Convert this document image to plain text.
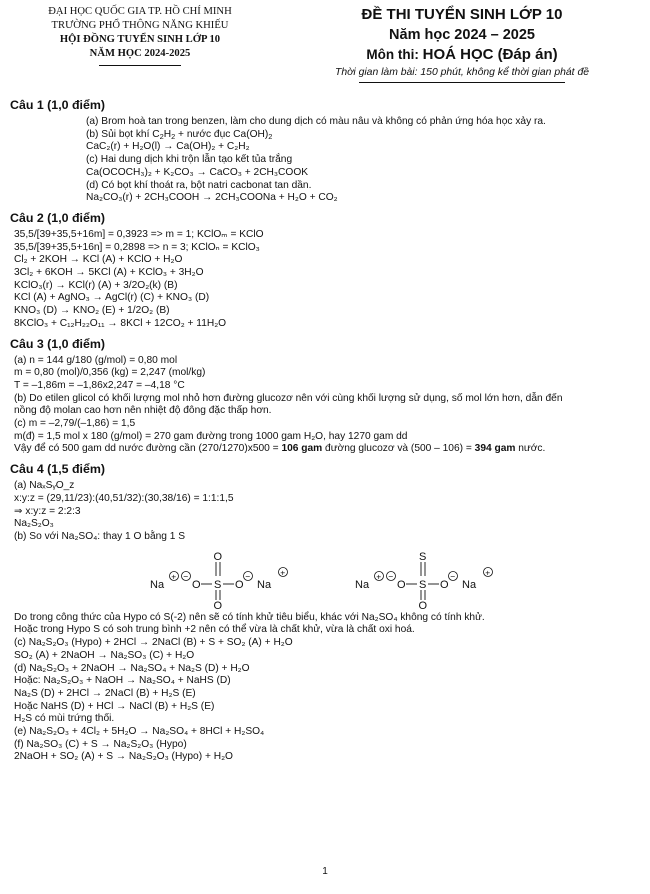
ĐẠI HỌC QUỐC GIA TP. HỒ CHÍ MINH
TRƯỜNG PHỔ THÔNG NĂNG KHIẾU
HỘI ĐỒNG TUYỂN SINH LỚP 10
NĂM HỌC 2024-2025
ĐỀ THI TUYỂN SINH LỚP 10
Năm học 2024 – 2025
Môn thi: HOÁ HỌC (Đáp án)
Thời gian làm bài: 150 phút, không kể thời gian phát đề
Câu 1 (1,0 điểm)
(a) Brom hoà tan trong benzen, làm cho dung dịch có màu nâu và không có phản ứng hóa học xảy ra.
(b) Sủi bọt khí $C_2H_2$ + nước đục $Ca(OH)_2$
CaC₂(r) + H₂O(l) → Ca(OH)₂ + C₂H₂
(c) Hai dung dịch khi trộn lẫn tạo kết tủa trắng
Ca(OCOCH₃)₂ + K₂CO₃ → CaCO₃ + 2CH₃COOK
(d) Có bọt khí thoát ra, bột natri cacbonat tan dần.
Na₂CO₃(r) + 2CH₃COOH → 2CH₃COONa + H₂O + CO₂
Câu 2 (1,0 điểm)
35,5/[39+35,5+16m] = 0,3923 => m = 1; KClOₘ = KClO
35,5/[39+35,5+16n] = 0,2898 => n = 3; KClOₙ = KClO₃
Cl₂ + 2KOH → KCl (A) + KClO + H₂O
3Cl₂ + 6KOH → 5KCl (A) + KClO₃ + 3H₂O
KClO₃(r) → KCl(r) (A) + 3/2O₂(k) (B)
KCl (A) + AgNO₃ → AgCl(r) (C) + KNO₃ (D)
KNO₃ (D) → KNO₂ (E) + 1/2O₂ (B)
8KClO₃ + C₁₂H₂₂O₁₁ → 8KCl + 12CO₂ + 11H₂O
Câu 3 (1,0 điểm)
(a) n = 144 g/180 (g/mol) = 0,80 mol
m = 0,80 (mol)/0,356 (kg) = 2,247 (mol/kg)
T = –1,86m = –1,86x2,247 = –4,18 °C
(b) Do etilen glicol có khối lượng mol nhỏ hơn đường glucozơ nên với cùng khối lượng sử dụng, số mol lớn hơn, dẫn đến nồng độ molan cao hơn nên nhiệt độ đông đặc thấp hơn.
(c) m = –2,79/(–1,86) = 1,5
m(đ) = 1,5 mol x 180 (g/mol) = 270 gam đường trong 1000 gam H₂O, hay 1270 gam dd
Vậy để có 500 gam dd nước đường cần (270/1270)x500 = 106 gam đường glucozơ và (500 – 106) = 394 gam nước.
Câu 4 (1,5 điểm)
(a) NaₓSᵧO_z
x:y:z = (29,11/23):(40,51/32):(30,38/16) = 1:1:1,5
⇒ x:y:z = 2:2:3
Na₂S₂O₃
(b) So với Na₂SO₄: thay 1 O bằng 1 S
Na
+ −
O S O
−
Na
+
O
O
Na
+ −
O S O
−
Na
+
S
O
Do trong công thức của Hypo có S(-2) nên sẽ có tính khử tiêu biểu, khác với Na₂SO₄ không có tính khử.
Hoặc trong Hypo S có soh trung bình +2 nên có thể vừa là chất khử, vừa là chất oxi hoá.
(c) Na₂S₂O₃ (Hypo) + 2HCl → 2NaCl (B) + S + SO₂ (A) + H₂O
SO₂ (A) + 2NaOH → Na₂SO₃ (C) + H₂O
(d) Na₂S₂O₃ + 2NaOH → Na₂SO₄ + Na₂S (D) + H₂O
Hoặc: Na₂S₂O₃ + NaOH → Na₂SO₄ + NaHS (D)
Na₂S (D) + 2HCl → 2NaCl (B) + H₂S (E)
Hoặc NaHS (D) + HCl → NaCl (B) + H₂S (E)
H₂S có mùi trứng thối.
(e) Na₂S₂O₃ + 4Cl₂ + 5H₂O → Na₂SO₄ + 8HCl + H₂SO₄
(f) Na₂SO₃ (C) + S → Na₂S₂O₃ (Hypo)
2NaOH + SO₂ (A) + S → Na₂S₂O₃ (Hypo) + H₂O
1
